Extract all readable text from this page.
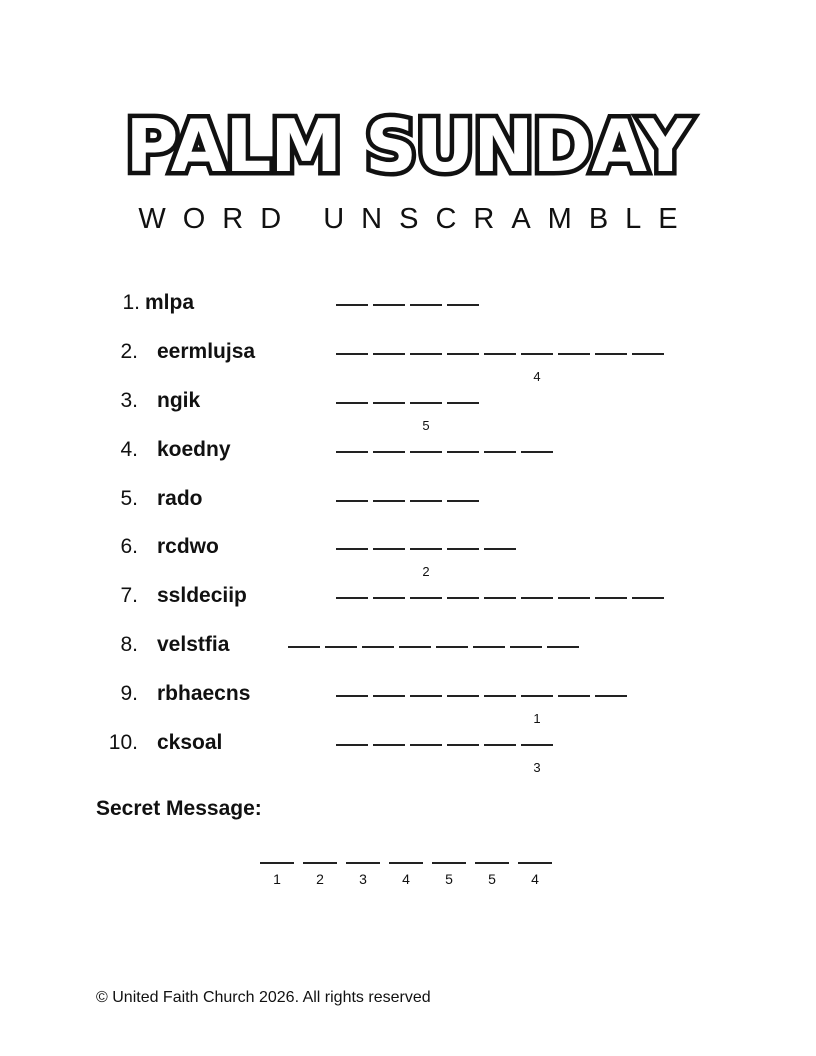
PALM SUNDAY
WORD UNSCRAMBLE
1. mlpa
2. eermlujsa
4
3. ngik
5
4. koedny
5. rado
6. rcdwo
2
7. ssldeciip
8. velstfia
9. rbhaecns
1
10. cksoal
3
Secret Message:
1	2	3	4	5	5	4
© United Faith Church 2026. All rights reserved
